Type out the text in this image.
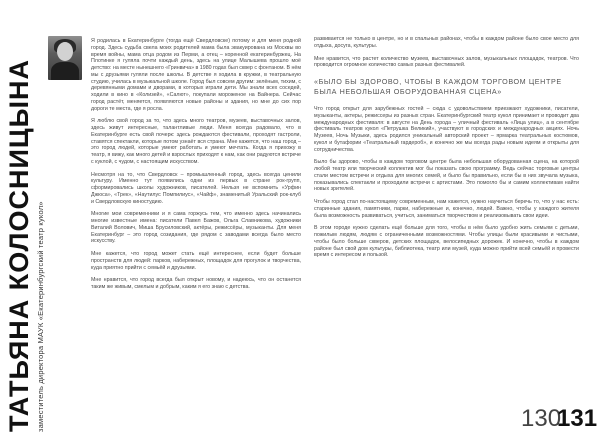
ТАТЬЯНА КОЛОСНИЦЫНА заместитель директора МАУК «Екатеринбургский театр кукол»

Я родилась в Екатеринбурге (тогда ещё Свердловске) потому и для меня родной город. Здесь судьба свела моих родителей мама была эвакуирована из Москвы во время войны, мама отца родом из Перми, а отец – коренной екатеринбуржец. На Плотинке я гуляла почти каждый день, здесь на улице Малышева прошло моё детство: на месте нынешнего «Гринвича» в 1980 годах был сквер с фонтаном. В нём мы с друзьями гуляли после школы. В детстве я ходила в кружки, в театральную студию, училась в музыкальной школе. Город был совсем другим: зелёным, тихим, с деревянными домами и дворами, в которых играли дети. Мы знали всех соседей, ходили в кино в «Колизей», «Салют», покупали мороженое на Вайнера. Сейчас город растёт, меняется, появляются новые районы и здания, но мне до сих пор дороги те места, где я росла.

Я люблю свой город за то, что здесь много театров, музеев, выставочных залов, здесь живут интересные, талантливые люди. Меня всегда радовало, что в Екатеринбурге есть свой почерк: здесь рождаются фестивали, проходят гастроли, ставятся спектакли, которые потом узнаёт вся страна. Мне кажется, что наш город – это город людей, которые умеют работать и умеют мечтать. Когда я прихожу в театр, я вижу, как много детей и взрослых приходят к нам, как они радуются встрече с куклой, с чудом, с настоящим искусством.

Несмотря на то, что Свердловск – промышленный город, здесь всегда ценили культуру. Именно тут появились одни из первых в стране рок-групп, сформировались школы художников, писателей. Нельзя не вспомнить «Урфин Джюса», «Трек», «Наутилус Помпилиус», «Чайф», знаменитый Уральский рок-клуб и Свердловскую киностудию.

Многие мои современники и я сама горжусь тем, что именно здесь начинались многие известные имена: писатели Павел Бажов, Ольга Славникова, художники Виталий Волович, Миша Брусиловский, актёры, режиссёры, музыканты. Для меня Екатеринбург – это город созидания, где рядом с заводами всегда было место искусству.

Мне кажется, что город может стать ещё интереснее, если будет больше пространств для людей: парков, набережных, площадок для прогулок и творчества, куда приятно прийти с семьёй и друзьями.

Мне нравится, что город всегда был открыт новому, и надеюсь, что он останется таким же живым, смелым и добрым, каким я его знаю с детства.

развивается не только в центре, но и в спальных районах, чтобы в каждом районе было свое место для отдыха, досуга, культуры.

Мне нравится, что растет количество музеев, выставочных залов, музыкальных площадок, театров. Что проводится огромное количество самых разных фестивалей.

«БЫЛО БЫ ЗДОРОВО, ЧТОБЫ В КАЖДОМ ТОРГОВОМ ЦЕНТРЕ БЫЛА НЕБОЛЬШАЯ ОБОРУДОВАННАЯ СЦЕНА»

Что город открыт для зарубежных гостей – сюда с удовольствием приезжают художники, писатели, музыканты, актеры, режиссеры из разных стран. Екатеринбургский театр кукол принимает и проводит два международных фестиваля: в августе на День города – уличный фестиваль «Лица улиц», а в сентябре фестиваль театров кукол «Петрушка Великий», участвуют в городских и международных акциях. Ночь Музеев, Ночь Музыки, здесь родился уникальный авторский проект – ярмарка театральных костюмов, кукол и бутафории «Театральный гардероб», и конечно же мы всегда рады новым идеям и открыты для сотрудничества.

Было бы здорово, чтобы в каждом торговом центре была небольшая оборудованная сцена, на которой любой театр или творческий коллектив мог бы показать свою программу. Ведь сейчас торговые центры стали местом встречи и отдыха для многих семей, и было бы правильно, если бы в них звучала музыка, показывались спектакли и проходили встречи с артистами. Это помогло бы и самим коллективам найти новых зрителей.

Чтобы город стал по-настоящему современным, нам кажется, нужно научиться беречь то, что у нас есть: старинные здания, памятники, парки, набережные и, конечно, людей. Важно, чтобы у каждого жителя была возможность развиваться, учиться, заниматься творчеством и реализовывать свои идеи.

В этом городе нужно сделать ещё больше для того, чтобы в нём было удобно жить семьям с детьми, пожилым людям, людям с ограниченными возможностями. Чтобы улицы были красивыми и чистыми, чтобы было больше скверов, детских площадок, велосипедных дорожек. И конечно, чтобы в каждом районе был свой дом культуры, библиотека, театр или музей, куда можно прийти всей семьёй и провести время с интересом и пользой.

130
131
